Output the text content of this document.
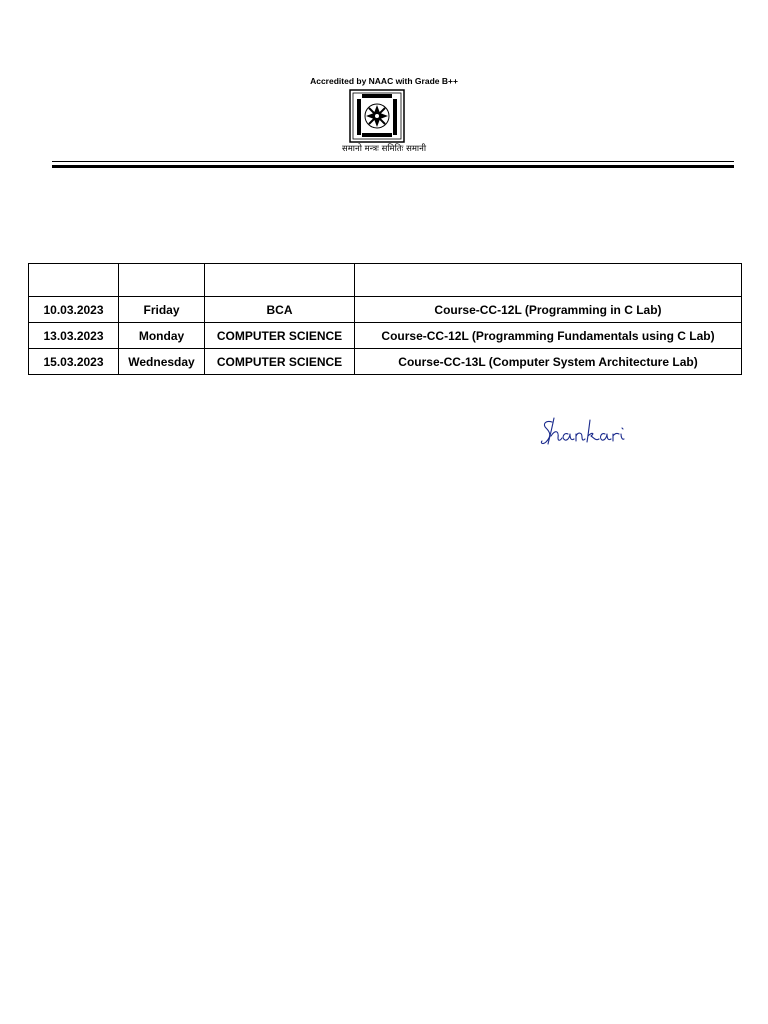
Accredited by NAAC with Grade B++
समानो मन्त्रः समितिः समानी

10.03.2023	Friday	BCA	Course-CC-12L (Programming in C Lab)
13.03.2023	Monday	COMPUTER SCIENCE	Course-CC-12L (Programming Fundamentals using C Lab)
15.03.2023	Wednesday	COMPUTER SCIENCE	Course-CC-13L (Computer System Architecture Lab)
